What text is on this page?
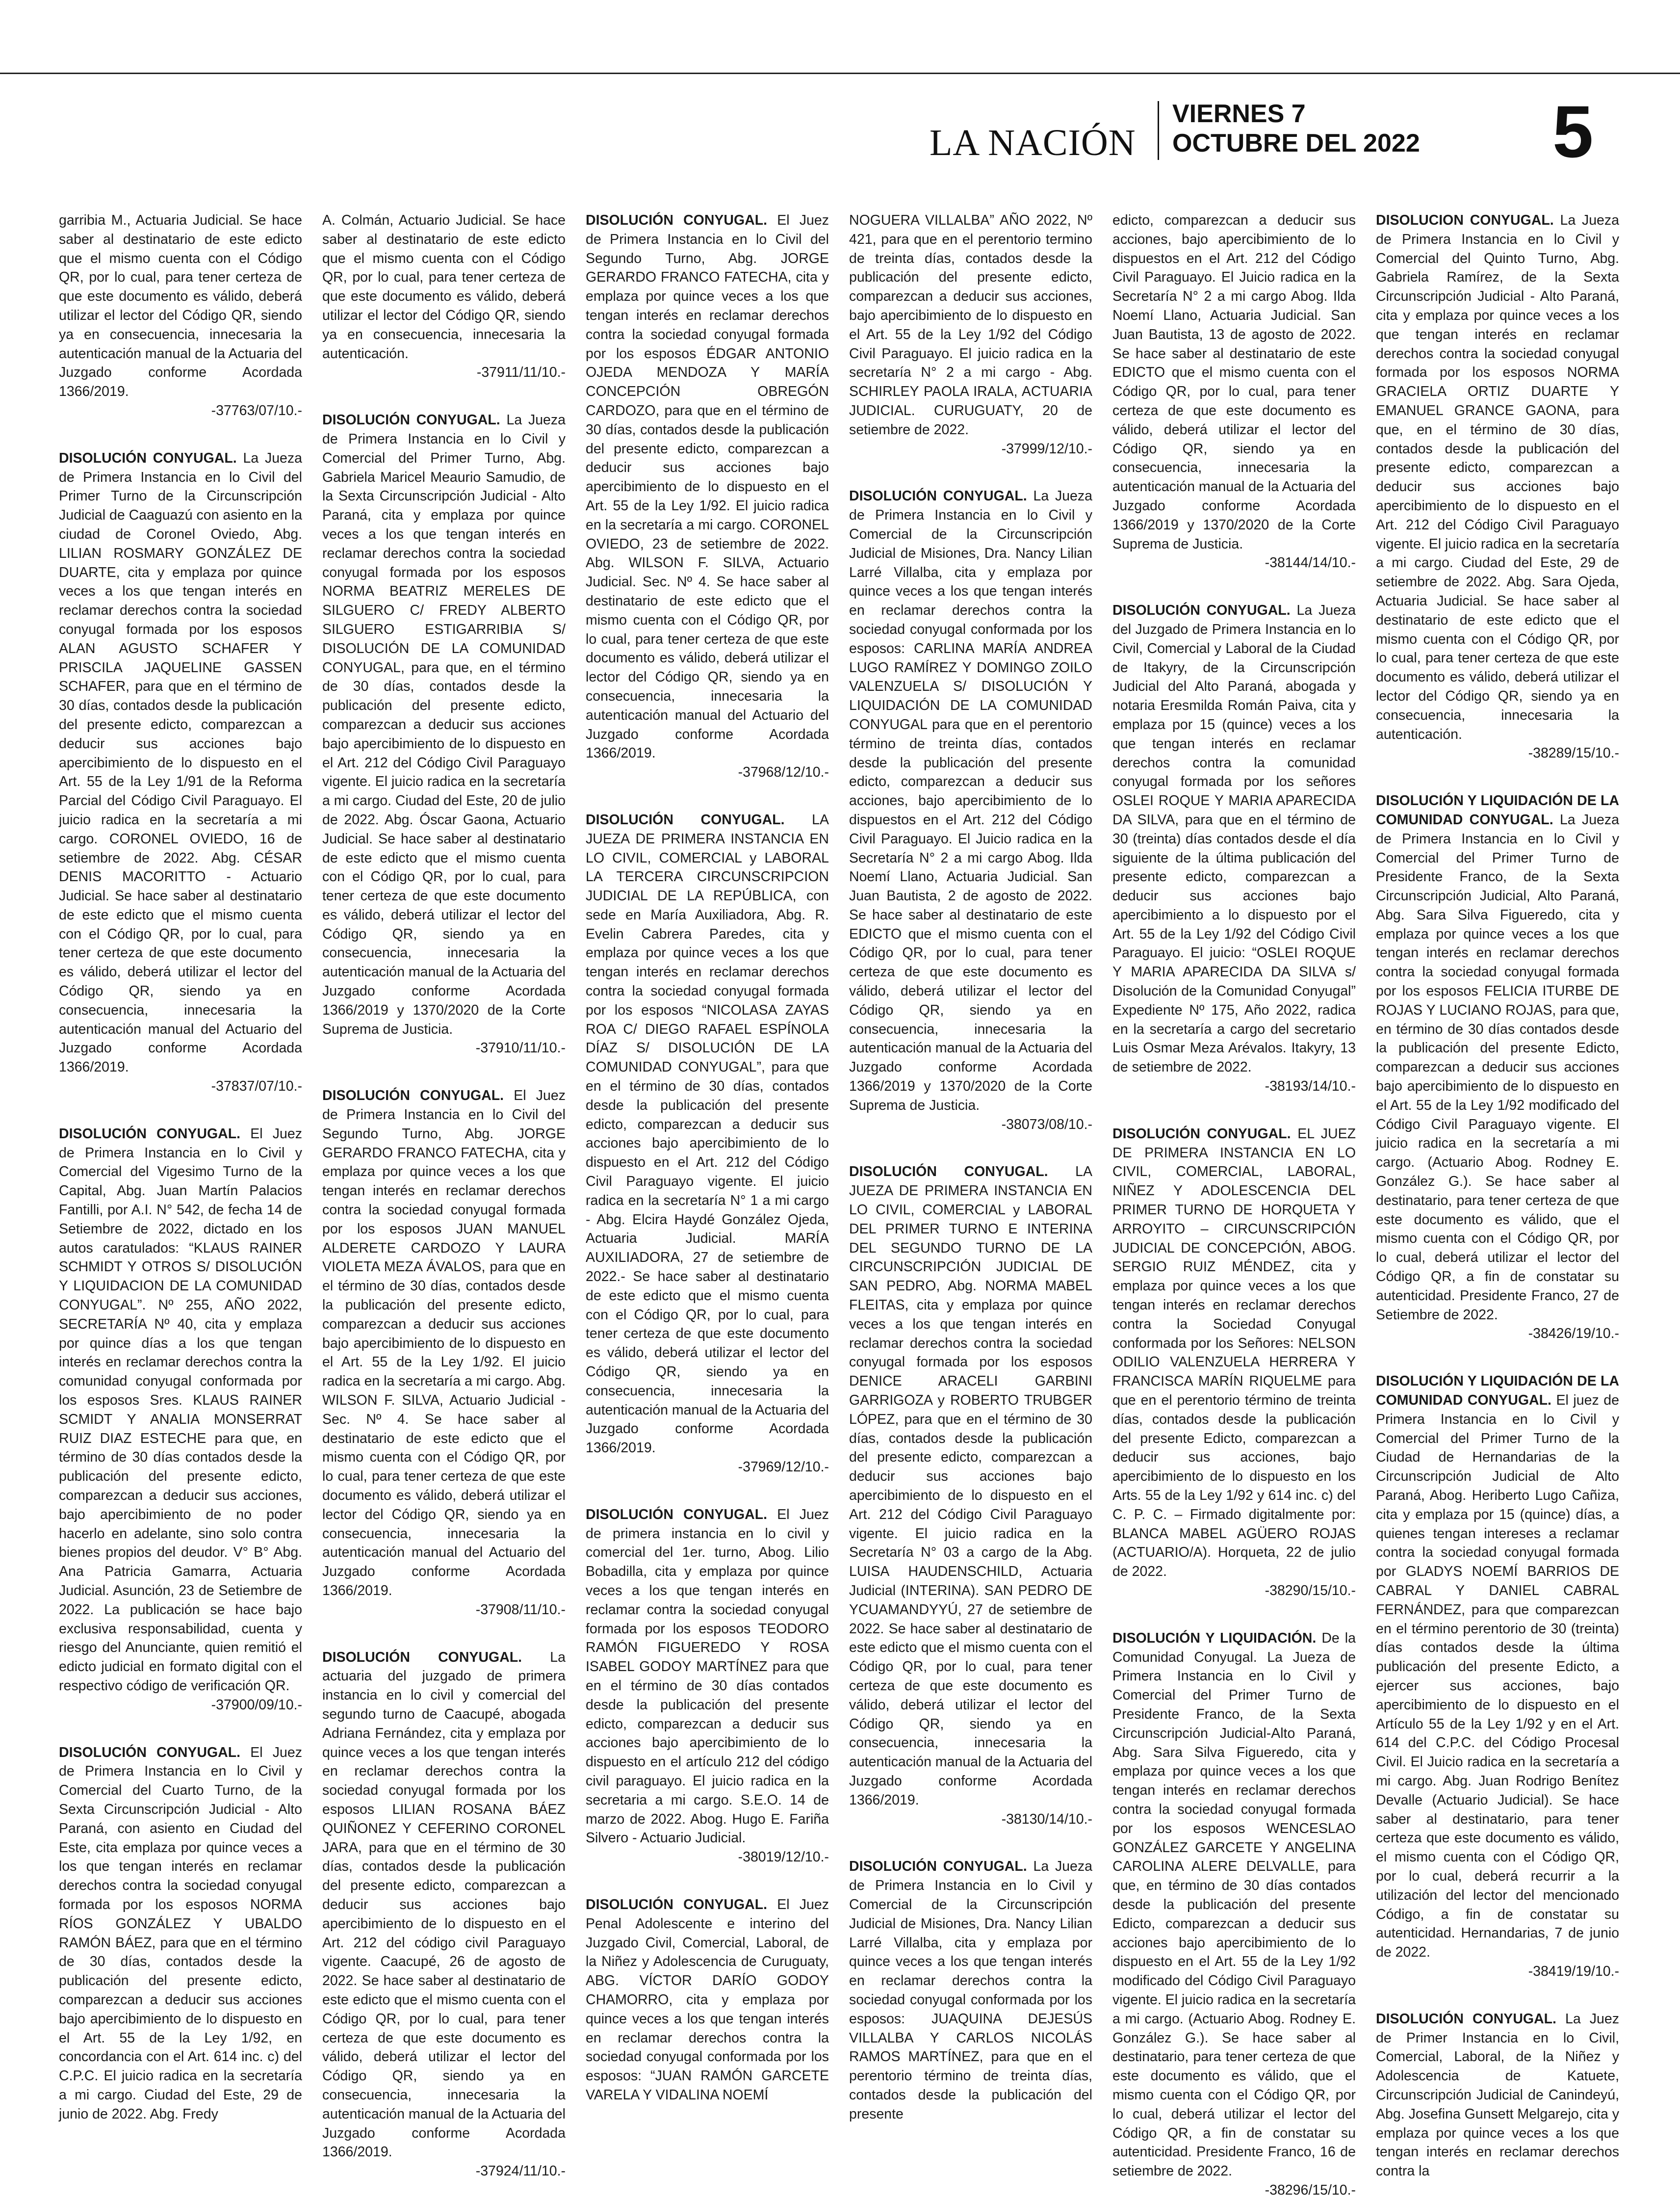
LA NACIÓN
VIERNES 7
OCTUBRE DEL 2022 5

garribia M., Actuaria Judicial. Se hace saber al destinatario de este edicto que el mismo cuenta con el Código QR, por lo cual, para tener certeza de que este documento es válido, deberá utilizar el lector del Código QR, siendo ya en consecuencia, innecesaria la autenticación manual de la Actuaria del Juzgado conforme Acordada 1366/2019.
-37763/07/10.-

DISOLUCIÓN CONYUGAL. La Jueza de Primera Instancia en lo Civil del Primer Turno de la Circunscripción Judicial de Caaguazú con asiento en la ciudad de Coronel Oviedo, Abg. LILIAN ROSMARY GONZÁLEZ DE DUARTE, cita y emplaza por quince veces a los que tengan interés en reclamar derechos contra la sociedad conyugal formada por los esposos ALAN AGUSTO SCHAFER Y PRISCILA JAQUELINE GASSEN SCHAFER, para que en el término de 30 días, contados desde la publicación del presente edicto, comparezcan a deducir sus acciones bajo apercibimiento de lo dispuesto en el Art. 55 de la Ley 1/91 de la Reforma Parcial del Código Civil Paraguayo. El juicio radica en la secretaría a mi cargo. CORONEL OVIEDO, 16 de setiembre de 2022. Abg. CÉSAR DENIS MACORITTO - Actuario Judicial. Se hace saber al destinatario de este edicto que el mismo cuenta con el Código QR, por lo cual, para tener certeza de que este documento es válido, deberá utilizar el lector del Código QR, siendo ya en consecuencia, innecesaria la autenticación manual del Actuario del Juzgado conforme Acordada 1366/2019.
-37837/07/10.-

DISOLUCIÓN CONYUGAL. El Juez de Primera Instancia en lo Civil y Comercial del Vigesimo Turno de la Capital, Abg. Juan Martín Palacios Fantilli, por A.I. N° 542, de fecha 14 de Setiembre de 2022, dictado en los autos caratulados: “KLAUS RAINER SCHMIDT Y OTROS S/ DISOLUCIÓN Y LIQUIDACION DE LA COMUNIDAD CONYUGAL”. Nº 255, AÑO 2022, SECRETARÍA Nº 40, cita y emplaza por quince días a los que tengan interés en reclamar derechos contra la comunidad conyugal conformada por los esposos Sres. KLAUS RAINER SCMIDT Y ANALIA MONSERRAT RUIZ DIAZ ESTECHE para que, en término de 30 días contados desde la publicación del presente edicto, comparezcan a deducir sus acciones, bajo apercibimiento de no poder hacerlo en adelante, sino solo contra bienes propios del deudor. V° B° Abg. Ana Patricia Gamarra, Actuaria Judicial. Asunción, 23 de Setiembre de 2022. La publicación se hace bajo exclusiva responsabilidad, cuenta y riesgo del Anunciante, quien remitió el edicto judicial en formato digital con el respectivo código de verificación QR.
-37900/09/10.-

DISOLUCIÓN CONYUGAL. El Juez de Primera Instancia en lo Civil y Comercial del Cuarto Turno, de la Sexta Circunscripción Judicial - Alto Paraná, con asiento en Ciudad del Este, cita emplaza por quince veces a los que tengan interés en reclamar derechos contra la sociedad conyugal formada por los esposos NORMA RÍOS GONZÁLEZ Y UBALDO RAMÓN BÁEZ, para que en el término de 30 días, contados desde la publicación del presente edicto, comparezcan a deducir sus acciones bajo apercibimiento de lo dispuesto en el Art. 55 de la Ley 1/92, en concordancia con el Art. 614 inc. c) del C.P.C. El juicio radica en la secretaría a mi cargo. Ciudad del Este, 29 de junio de 2022. Abg. Fredy

A. Colmán, Actuario Judicial. Se hace saber al destinatario de este edicto que el mismo cuenta con el Código QR, por lo cual, para tener certeza de que este documento es válido, deberá utilizar el lector del Código QR, siendo ya en consecuencia, innecesaria la autenticación.
-37911/11/10.-

DISOLUCIÓN CONYUGAL. La Jueza de Primera Instancia en lo Civil y Comercial del Primer Turno, Abg. Gabriela Maricel Meaurio Samudio, de la Sexta Circunscripción Judicial - Alto Paraná, cita y emplaza por quince veces a los que tengan interés en reclamar derechos contra la sociedad conyugal formada por los esposos NORMA BEATRIZ MERELES DE SILGUERO C/ FREDY ALBERTO SILGUERO ESTIGARRIBIA S/ DISOLUCIÓN DE LA COMUNIDAD CONYUGAL, para que, en el término de 30 días, contados desde la publicación del presente edicto, comparezcan a deducir sus acciones bajo apercibimiento de lo dispuesto en el Art. 212 del Código Civil Paraguayo vigente. El juicio radica en la secretaría a mi cargo. Ciudad del Este, 20 de julio de 2022. Abg. Óscar Gaona, Actuario Judicial. Se hace saber al destinatario de este edicto que el mismo cuenta con el Código QR, por lo cual, para tener certeza de que este documento es válido, deberá utilizar el lector del Código QR, siendo ya en consecuencia, innecesaria la autenticación manual de la Actuaria del Juzgado conforme Acordada 1366/2019 y 1370/2020 de la Corte Suprema de Justicia.
-37910/11/10.-

DISOLUCIÓN CONYUGAL. El Juez de Primera Instancia en lo Civil del Segundo Turno, Abg. JORGE GERARDO FRANCO FATECHA, cita y emplaza por quince veces a los que tengan interés en reclamar derechos contra la sociedad conyugal formada por los esposos JUAN MANUEL ALDERETE CARDOZO Y LAURA VIOLETA MEZA ÁVALOS, para que en el término de 30 días, contados desde la publicación del presente edicto, comparezcan a deducir sus acciones bajo apercibimiento de lo dispuesto en el Art. 55 de la Ley 1/92. El juicio radica en la secretaría a mi cargo. Abg. WILSON F. SILVA, Actuario Judicial - Sec. Nº 4. Se hace saber al destinatario de este edicto que el mismo cuenta con el Código QR, por lo cual, para tener certeza de que este documento es válido, deberá utilizar el lector del Código QR, siendo ya en consecuencia, innecesaria la autenticación manual del Actuario del Juzgado conforme Acordada 1366/2019.
-37908/11/10.-

DISOLUCIÓN CONYUGAL. La actuaria del juzgado de primera instancia en lo civil y comercial del segundo turno de Caacupé, abogada Adriana Fernández, cita y emplaza por quince veces a los que tengan interés en reclamar derechos contra la sociedad conyugal formada por los esposos LILIAN ROSANA BÁEZ QUIÑONEZ Y CEFERINO CORONEL JARA, para que en el término de 30 días, contados desde la publicación del presente edicto, comparezcan a deducir sus acciones bajo apercibimiento de lo dispuesto en el Art. 212 del código civil Paraguayo vigente. Caacupé, 26 de agosto de 2022. Se hace saber al destinatario de este edicto que el mismo cuenta con el Código QR, por lo cual, para tener certeza de que este documento es válido, deberá utilizar el lector del Código QR, siendo ya en consecuencia, innecesaria la autenticación manual de la Actuaria del Juzgado conforme Acordada 1366/2019.
-37924/11/10.-

DISOLUCIÓN CONYUGAL. El Juez de Primera Instancia en lo Civil del Segundo Turno, Abg. JORGE GERARDO FRANCO FATECHA, cita y emplaza por quince veces a los que tengan interés en reclamar derechos contra la sociedad conyugal formada por los esposos ÉDGAR ANTONIO OJEDA MENDOZA Y MARÍA CONCEPCIÓN OBREGÓN CARDOZO, para que en el término de 30 días, contados desde la publicación del presente edicto, comparezcan a deducir sus acciones bajo apercibimiento de lo dispuesto en el Art. 55 de la Ley 1/92. El juicio radica en la secretaría a mi cargo. CORONEL OVIEDO, 23 de setiembre de 2022. Abg. WILSON F. SILVA, Actuario Judicial. Sec. Nº 4. Se hace saber al destinatario de este edicto que el mismo cuenta con el Código QR, por lo cual, para tener certeza de que este documento es válido, deberá utilizar el lector del Código QR, siendo ya en consecuencia, innecesaria la autenticación manual del Actuario del Juzgado conforme Acordada 1366/2019.
-37968/12/10.-

DISOLUCIÓN CONYUGAL. LA JUEZA DE PRIMERA INSTANCIA EN LO CIVIL, COMERCIAL y LABORAL LA TERCERA CIRCUNSCRIPCION JUDICIAL DE LA REPÚBLICA, con sede en María Auxiliadora, Abg. R. Evelin Cabrera Paredes, cita y emplaza por quince veces a los que tengan interés en reclamar derechos contra la sociedad conyugal formada por los esposos “NICOLASA ZAYAS ROA C/ DIEGO RAFAEL ESPÍNOLA DÍAZ S/ DISOLUCIÓN DE LA COMUNIDAD CONYUGAL”, para que en el término de 30 días, contados desde la publicación del presente edicto, comparezcan a deducir sus acciones bajo apercibimiento de lo dispuesto en el Art. 212 del Código Civil Paraguayo vigente. El juicio radica en la secretaría N° 1 a mi cargo - Abg. Elcira Haydé González Ojeda, Actuaria Judicial. MARÍA AUXILIADORA, 27 de setiembre de 2022.- Se hace saber al destinatario de este edicto que el mismo cuenta con el Código QR, por lo cual, para tener certeza de que este documento es válido, deberá utilizar el lector del Código QR, siendo ya en consecuencia, innecesaria la autenticación manual de la Actuaria del Juzgado conforme Acordada 1366/2019.
-37969/12/10.-

DISOLUCIÓN CONYUGAL. El Juez de primera instancia en lo civil y comercial del 1er. turno, Abog. Lilio Bobadilla, cita y emplaza por quince veces a los que tengan interés en reclamar contra la sociedad conyugal formada por los esposos TEODORO RAMÓN FIGUEREDO Y ROSA ISABEL GODOY MARTÍNEZ para que en el término de 30 días contados desde la publicación del presente edicto, comparezcan a deducir sus acciones bajo apercibimiento de lo dispuesto en el artículo 212 del código civil paraguayo. El juicio radica en la secretaria a mi cargo. S.E.O. 14 de marzo de 2022. Abog. Hugo E. Fariña Silvero - Actuario Judicial.
-38019/12/10.-

DISOLUCIÓN CONYUGAL. El Juez Penal Adolescente e interino del Juzgado Civil, Comercial, Laboral, de la Niñez y Adolescencia de Curuguaty, ABG. VÍCTOR DARÍO GODOY CHAMORRO, cita y emplaza por quince veces a los que tengan interés en reclamar derechos contra la sociedad conyugal conformada por los esposos: “JUAN RAMÓN GARCETE VARELA Y VIDALINA NOEMÍ

NOGUERA VILLALBA” AÑO 2022, Nº 421, para que en el perentorio termino de treinta días, contados desde la publicación del presente edicto, comparezcan a deducir sus acciones, bajo apercibimiento de lo dispuesto en el Art. 55 de la Ley 1/92 del Código Civil Paraguayo. El juicio radica en la secretaría N° 2 a mi cargo - Abg. SCHIRLEY PAOLA IRALA, ACTUARIA JUDICIAL. CURUGUATY, 20 de setiembre de 2022.
-37999/12/10.-

DISOLUCIÓN CONYUGAL. La Jueza de Primera Instancia en lo Civil y Comercial de la Circunscripción Judicial de Misiones, Dra. Nancy Lilian Larré Villalba, cita y emplaza por quince veces a los que tengan interés en reclamar derechos contra la sociedad conyugal conformada por los esposos: CARLINA MARÍA ANDREA LUGO RAMÍREZ Y DOMINGO ZOILO VALENZUELA S/ DISOLUCIÓN Y LIQUIDACIÓN DE LA COMUNIDAD CONYUGAL para que en el perentorio término de treinta días, contados desde la publicación del presente edicto, comparezcan a deducir sus acciones, bajo apercibimiento de lo dispuestos en el Art. 212 del Código Civil Paraguayo. El Juicio radica en la Secretaría N° 2 a mi cargo Abog. Ilda Noemí Llano, Actuaria Judicial. San Juan Bautista, 2 de agosto de 2022. Se hace saber al destinatario de este EDICTO que el mismo cuenta con el Código QR, por lo cual, para tener certeza de que este documento es válido, deberá utilizar el lector del Código QR, siendo ya en consecuencia, innecesaria la autenticación manual de la Actuaria del Juzgado conforme Acordada 1366/2019 y 1370/2020 de la Corte Suprema de Justicia.
-38073/08/10.-

DISOLUCIÓN CONYUGAL. LA JUEZA DE PRIMERA INSTANCIA EN LO CIVIL, COMERCIAL y LABORAL DEL PRIMER TURNO E INTERINA DEL SEGUNDO TURNO DE LA CIRCUNSCRIPCIÓN JUDICIAL DE SAN PEDRO, Abg. NORMA MABEL FLEITAS, cita y emplaza por quince veces a los que tengan interés en reclamar derechos contra la sociedad conyugal formada por los esposos DENICE ARACELI GARBINI GARRIGOZA y ROBERTO TRUBGER LÓPEZ, para que en el término de 30 días, contados desde la publicación del presente edicto, comparezcan a deducir sus acciones bajo apercibimiento de lo dispuesto en el Art. 212 del Código Civil Paraguayo vigente. El juicio radica en la Secretaría N° 03 a cargo de la Abg. LUISA HAUDENSCHILD, Actuaria Judicial (INTERINA). SAN PEDRO DE YCUAMANDYYÚ, 27 de setiembre de 2022. Se hace saber al destinatario de este edicto que el mismo cuenta con el Código QR, por lo cual, para tener certeza de que este documento es válido, deberá utilizar el lector del Código QR, siendo ya en consecuencia, innecesaria la autenticación manual de la Actuaria del Juzgado conforme Acordada 1366/2019.
-38130/14/10.-

DISOLUCIÓN CONYUGAL. La Jueza de Primera Instancia en lo Civil y Comercial de la Circunscripción Judicial de Misiones, Dra. Nancy Lilian Larré Villalba, cita y emplaza por quince veces a los que tengan interés en reclamar derechos contra la sociedad conyugal conformada por los esposos: JUAQUINA DEJESÚS VILLALBA Y CARLOS NICOLÁS RAMOS MARTÍNEZ, para que en el perentorio término de treinta días, contados desde la publicación del presente

edicto, comparezcan a deducir sus acciones, bajo apercibimiento de lo dispuestos en el Art. 212 del Código Civil Paraguayo. El Juicio radica en la Secretaría N° 2 a mi cargo Abog. Ilda Noemí Llano, Actuaria Judicial. San Juan Bautista, 13 de agosto de 2022. Se hace saber al destinatario de este EDICTO que el mismo cuenta con el Código QR, por lo cual, para tener certeza de que este documento es válido, deberá utilizar el lector del Código QR, siendo ya en consecuencia, innecesaria la autenticación manual de la Actuaria del Juzgado conforme Acordada 1366/2019 y 1370/2020 de la Corte Suprema de Justicia.
-38144/14/10.-

DISOLUCIÓN CONYUGAL. La Jueza del Juzgado de Primera Instancia en lo Civil, Comercial y Laboral de la Ciudad de Itakyry, de la Circunscripción Judicial del Alto Paraná, abogada y notaria Eresmilda Román Paiva, cita y emplaza por 15 (quince) veces a los que tengan interés en reclamar derechos contra la comunidad conyugal formada por los señores OSLEI ROQUE Y MARIA APARECIDA DA SILVA, para que en el término de 30 (treinta) días contados desde el día siguiente de la última publicación del presente edicto, comparezcan a deducir sus acciones bajo apercibimiento a lo dispuesto por el Art. 55 de la Ley 1/92 del Código Civil Paraguayo. El juicio: “OSLEI ROQUE Y MARIA APARECIDA DA SILVA s/ Disolución de la Comunidad Conyugal” Expediente Nº 175, Año 2022, radica en la secretaría a cargo del secretario Luis Osmar Meza Arévalos. Itakyry, 13 de setiembre de 2022.
-38193/14/10.-

DISOLUCIÓN CONYUGAL. EL JUEZ DE PRIMERA INSTANCIA EN LO CIVIL, COMERCIAL, LABORAL, NIÑEZ Y ADOLESCENCIA DEL PRIMER TURNO DE HORQUETA Y ARROYITO – CIRCUNSCRIPCIÓN JUDICIAL DE CONCEPCIÓN, ABOG. SERGIO RUIZ MÉNDEZ, cita y emplaza por quince veces a los que tengan interés en reclamar derechos contra la Sociedad Conyugal conformada por los Señores: NELSON ODILIO VALENZUELA HERRERA Y FRANCISCA MARÍN RIQUELME para que en el perentorio término de treinta días, contados desde la publicación del presente Edicto, comparezcan a deducir sus acciones, bajo apercibimiento de lo dispuesto en los Arts. 55 de la Ley 1/92 y 614 inc. c) del C. P. C. – Firmado digitalmente por: BLANCA MABEL AGÜERO ROJAS (ACTUARIO/A). Horqueta, 22 de julio de 2022.
-38290/15/10.-

DISOLUCIÓN Y LIQUIDACIÓN. De la Comunidad Conyugal. La Jueza de Primera Instancia en lo Civil y Comercial del Primer Turno de Presidente Franco, de la Sexta Circunscripción Judicial-Alto Paraná, Abg. Sara Silva Figueredo, cita y emplaza por quince veces a los que tengan interés en reclamar derechos contra la sociedad conyugal formada por los esposos WENCESLAO GONZÁLEZ GARCETE Y ANGELINA CAROLINA ALERE DELVALLE, para que, en término de 30 días contados desde la publicación del presente Edicto, comparezcan a deducir sus acciones bajo apercibimiento de lo dispuesto en el Art. 55 de la Ley 1/92 modificado del Código Civil Paraguayo vigente. El juicio radica en la secretaría a mi cargo. (Actuario Abog. Rodney E. González G.). Se hace saber al destinatario, para tener certeza de que este documento es válido, que el mismo cuenta con el Código QR, por lo cual, deberá utilizar el lector del Código QR, a fin de constatar su autenticidad. Presidente Franco, 16 de setiembre de 2022.
-38296/15/10.-

DISOLUCION CONYUGAL. La Jueza de Primera Instancia en lo Civil y Comercial del Quinto Turno, Abg. Gabriela Ramírez, de la Sexta Circunscripción Judicial - Alto Paraná, cita y emplaza por quince veces a los que tengan interés en reclamar derechos contra la sociedad conyugal formada por los esposos NORMA GRACIELA ORTIZ DUARTE Y EMANUEL GRANCE GAONA, para que, en el término de 30 días, contados desde la publicación del presente edicto, comparezcan a deducir sus acciones bajo apercibimiento de lo dispuesto en el Art. 212 del Código Civil Paraguayo vigente. El juicio radica en la secretaría a mi cargo. Ciudad del Este, 29 de setiembre de 2022. Abg. Sara Ojeda, Actuaria Judicial. Se hace saber al destinatario de este edicto que el mismo cuenta con el Código QR, por lo cual, para tener certeza de que este documento es válido, deberá utilizar el lector del Código QR, siendo ya en consecuencia, innecesaria la autenticación.
-38289/15/10.-

DISOLUCIÓN Y LIQUIDACIÓN DE LA COMUNIDAD CONYUGAL. La Jueza de Primera Instancia en lo Civil y Comercial del Primer Turno de Presidente Franco, de la Sexta Circunscripción Judicial, Alto Paraná, Abg. Sara Silva Figueredo, cita y emplaza por quince veces a los que tengan interés en reclamar derechos contra la sociedad conyugal formada por los esposos FELICIA ITURBE DE ROJAS Y LUCIANO ROJAS, para que, en término de 30 días contados desde la publicación del presente Edicto, comparezcan a deducir sus acciones bajo apercibimiento de lo dispuesto en el Art. 55 de la Ley 1/92 modificado del Código Civil Paraguayo vigente. El juicio radica en la secretaría a mi cargo. (Actuario Abog. Rodney E. González G.). Se hace saber al destinatario, para tener certeza de que este documento es válido, que el mismo cuenta con el Código QR, por lo cual, deberá utilizar el lector del Código QR, a fin de constatar su autenticidad. Presidente Franco, 27 de Setiembre de 2022.
-38426/19/10.-

DISOLUCIÓN Y LIQUIDACIÓN DE LA COMUNIDAD CONYUGAL. El juez de Primera Instancia en lo Civil y Comercial del Primer Turno de la Ciudad de Hernandarias de la Circunscripción Judicial de Alto Paraná, Abog. Heriberto Lugo Cañiza, cita y emplaza por 15 (quince) días, a quienes tengan intereses a reclamar contra la sociedad conyugal formada por GLADYS NOEMÍ BARRIOS DE CABRAL Y DANIEL CABRAL FERNÁNDEZ, para que comparezcan en el término perentorio de 30 (treinta) días contados desde la última publicación del presente Edicto, a ejercer sus acciones, bajo apercibimiento de lo dispuesto en el Artículo 55 de la Ley 1/92 y en el Art. 614 del C.P.C. del Código Procesal Civil. El Juicio radica en la secretaría a mi cargo. Abg. Juan Rodrigo Benítez Devalle (Actuario Judicial). Se hace saber al destinatario, para tener certeza que este documento es válido, el mismo cuenta con el Código QR, por lo cual, deberá recurrir a la utilización del lector del mencionado Código, a fin de constatar su autenticidad. Hernandarias, 7 de junio de 2022.
-38419/19/10.-

DISOLUCIÓN CONYUGAL. La Juez de Primer Instancia en lo Civil, Comercial, Laboral, de la Niñez y Adolescencia de Katuete, Circunscripción Judicial de Canindeyú, Abg. Josefina Gunsett Melgarejo, cita y emplaza por quince veces a los que tengan interés en reclamar derechos contra la
